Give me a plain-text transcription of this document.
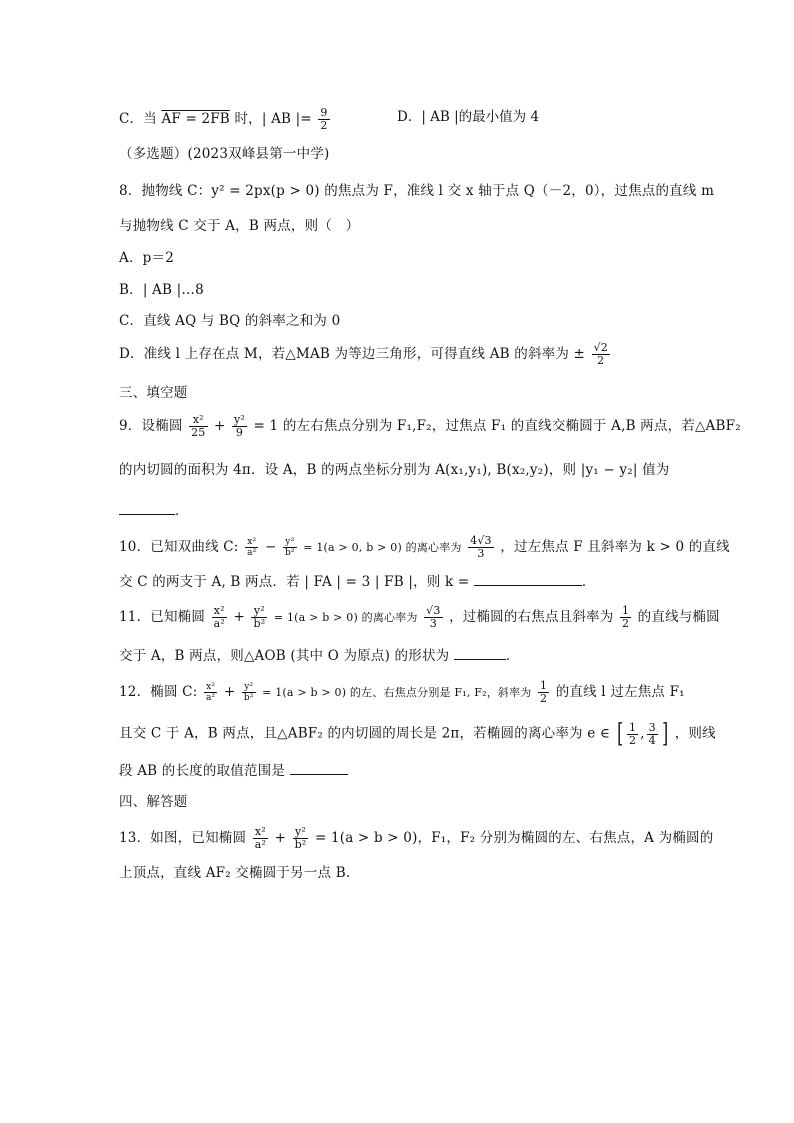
C．当 AF = 2FB 时，| AB |= $\frac{9}{2}$	D．| AB |的最小值为 4
（多选题）(2023双峰县第一中学)
8．抛物线 C：y² = 2px(p > 0) 的焦点为 F，准线 l 交 x 轴于点 Q（－2，0），过焦点的直线 m
与抛物线 C 交于 A，B 两点，则（　）
A．p＝2
B．| AB |…8
C．直线 AQ 与 BQ 的斜率之和为 0
D．准线 l 上存在点 M，若△MAB 为等边三角形，可得直线 AB 的斜率为 ± $\frac{√2}{2}$
三、填空题
9．设椭圆 $\frac{\text{x²}}{25} + \frac{\text{y²}}{9} = 1$ 的左右焦点分别为 F₁,F₂，过焦点 F₁ 的直线交椭圆于 A,B 两点，若△ABF₂
的内切圆的面积为 4π．设 A，B 的两点坐标分别为 A(x₁,y₁), B(x₂,y₂)，则 |y₁ − y₂| 值为
．
10．已知双曲线 C: $\frac{\text{x²}}{\text{a²}} - \frac{\text{y²}}{\text{b²}} = 1(a > 0$, b > 0) 的离心率为 $\frac{4√3}{3}$ ，过左焦点 F 且斜率为 k > 0 的直线
交 C 的两支于 A, B 两点．若 | FA | = 3 | FB |，则 k =	．
11．已知椭圆 $\frac{\text{x²}}{\text{a²}} + \frac{\text{y²}}{\text{b²}} = 1(a > b > 0)$ 的离心率为 $\frac{√3}{3}$ ，过椭圆的右焦点且斜率为 $\frac{1}{2}$ 的直线与椭圆
交于 A，B 两点，则△AOB (其中 O 为原点) 的形状为	．
12．椭圆 C: $\frac{\text{x²}}{\text{a²}} + \frac{\text{y²}}{\text{b²}} = 1(a > b > 0)$ 的左、右焦点分别是 F₁, F₂，斜率为 $\frac{1}{2}$ 的直线 l 过左焦点 F₁
且交 C 于 A，B 两点，且△ABF₂ 的内切圆的周长是 2π，若椭圆的离心率为 e ∈ [ $\frac{1}{2}$ , $\frac{3}{4}$ ] ，则线
段 AB 的长度的取值范围是
四、解答题
13．如图，已知椭圆 $\frac{\text{x²}}{\text{a²}} + \frac{\text{y²}}{\text{b²}} = 1(a > b > 0)$，F₁，F₂ 分别为椭圆的左、右焦点，A 为椭圆的
上顶点，直线 AF₂ 交椭圆于另一点 B.
